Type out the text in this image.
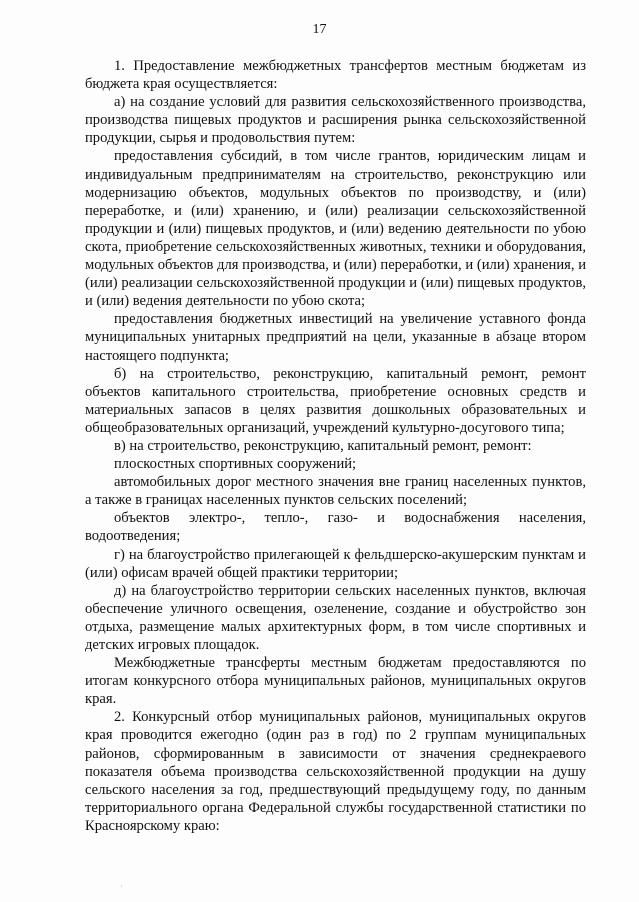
17

1. Предоставление межбюджетных трансфертов местным бюджетам из бюджета края осуществляется:

а) на создание условий для развития сельскохозяйственного производства, производства пищевых продуктов и расширения рынка сельскохозяйственной продукции, сырья и продовольствия путем:

предоставления субсидий, в том числе грантов, юридическим лицам и индивидуальным предпринимателям на строительство, реконструкцию или модернизацию объектов, модульных объектов по производству, и (или) переработке, и (или) хранению, и (или) реализации сельскохозяйственной продукции и (или) пищевых продуктов, и (или) ведению деятельности по убою скота, приобретение сельскохозяйственных животных, техники и оборудования, модульных объектов для производства, и (или) переработки, и (или) хранения, и (или) реализации сельскохозяйственной продукции и (или) пищевых продуктов, и (или) ведения деятельности по убою скота;

предоставления бюджетных инвестиций на увеличение уставного фонда муниципальных унитарных предприятий на цели, указанные в абзаце втором настоящего подпункта;

б) на строительство, реконструкцию, капитальный ремонт, ремонт объектов капитального строительства, приобретение основных средств и материальных запасов в целях развития дошкольных образовательных и общеобразовательных организаций, учреждений культурно-досугового типа;

в) на строительство, реконструкцию, капитальный ремонт, ремонт:

плоскостных спортивных сооружений;

автомобильных дорог местного значения вне границ населенных пунктов, а также в границах населенных пунктов сельских поселений;

объектов электро-, тепло-, газо- и водоснабжения населения, водоотведения;

г) на благоустройство прилегающей к фельдшерско-акушерским пунктам и (или) офисам врачей общей практики территории;

д) на благоустройство территории сельских населенных пунктов, включая обеспечение уличного освещения, озеленение, создание и обустройство зон отдыха, размещение малых архитектурных форм, в том числе спортивных и детских игровых площадок.

Межбюджетные трансферты местным бюджетам предоставляются по итогам конкурсного отбора муниципальных районов, муниципальных округов края.

2. Конкурсный отбор муниципальных районов, муниципальных округов края проводится ежегодно (один раз в год) по 2 группам муниципальных районов, сформированным в зависимости от значения среднекраевого показателя объема производства сельскохозяйственной продукции на душу сельского населения за год, предшествующий предыдущему году, по данным территориального органа Федеральной службы государственной статистики по Красноярскому краю:

·
